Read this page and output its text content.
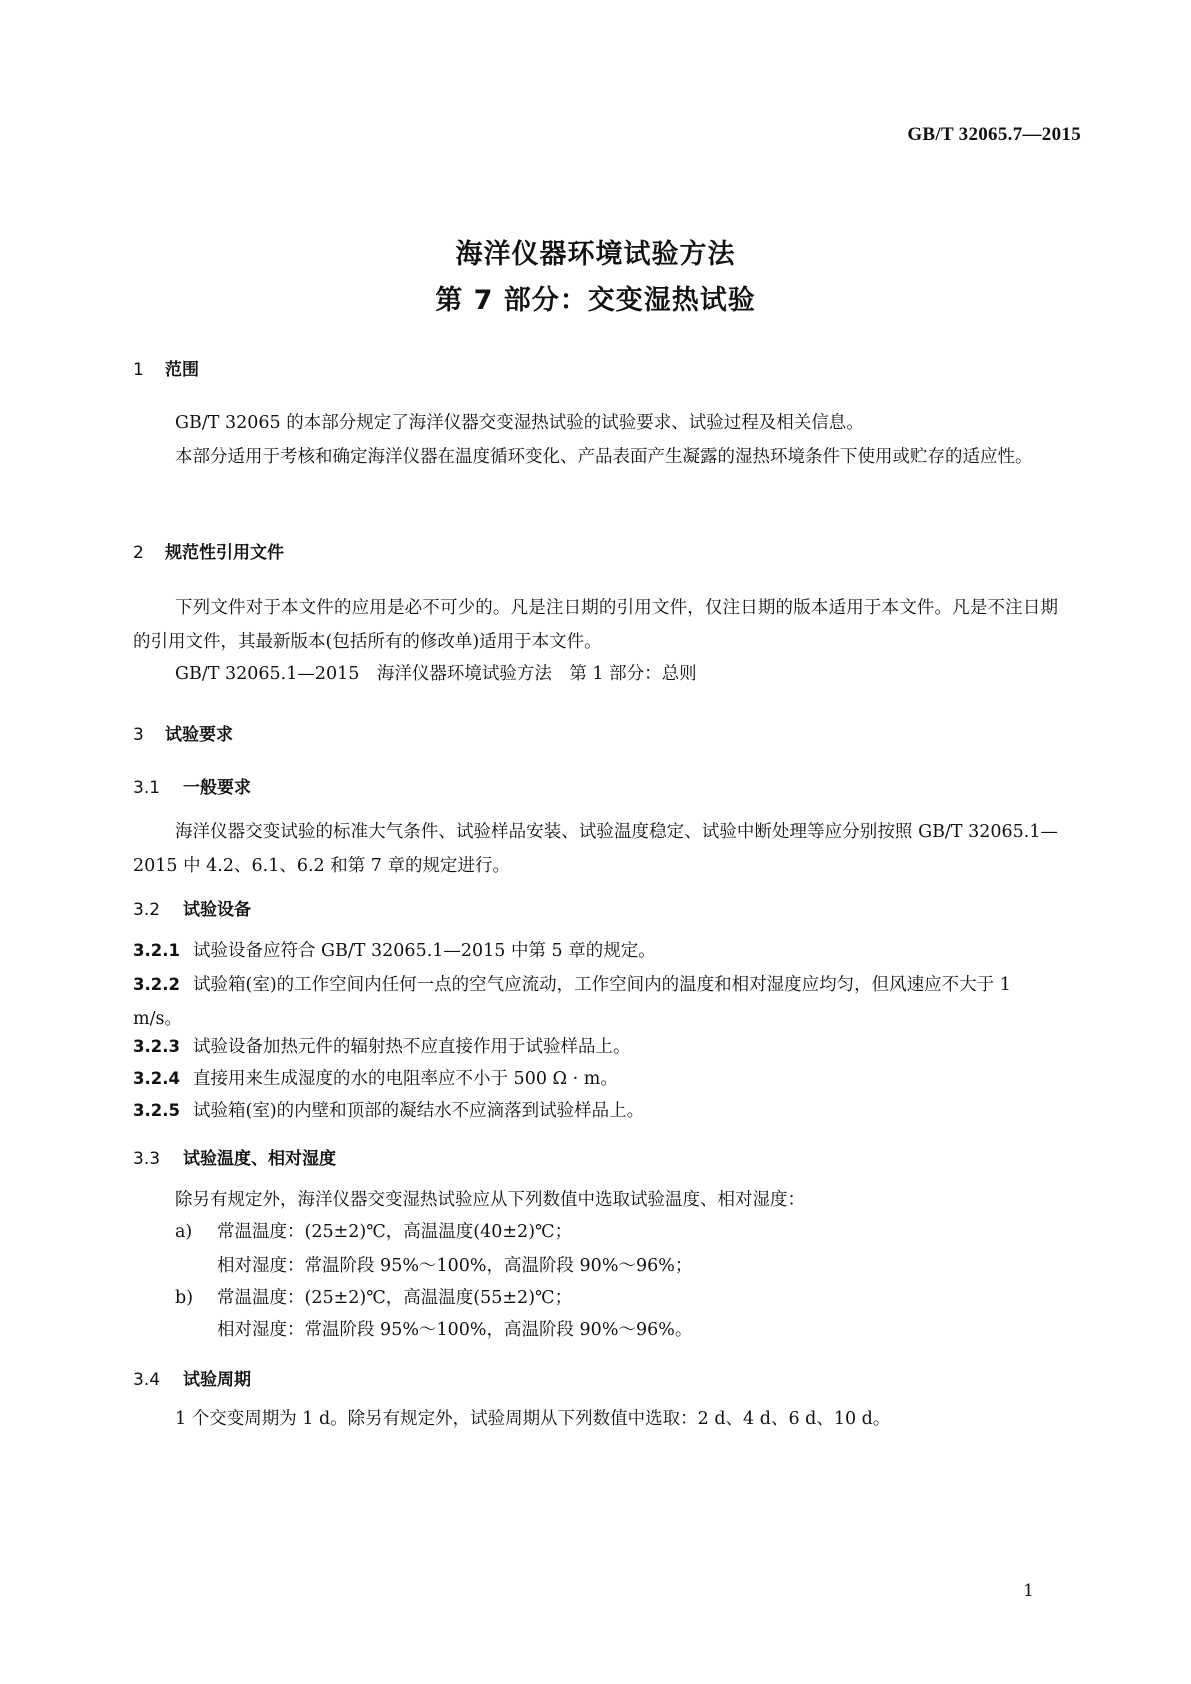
GB/T 32065.7—2015
海洋仪器环境试验方法
第 7 部分：交变湿热试验
1 范围
GB/T 32065 的本部分规定了海洋仪器交变湿热试验的试验要求、试验过程及相关信息。
本部分适用于考核和确定海洋仪器在温度循环变化、产品表面产生凝露的湿热环境条件下使用或贮存的适应性。
2 规范性引用文件
下列文件对于本文件的应用是必不可少的。凡是注日期的引用文件，仅注日期的版本适用于本文件。凡是不注日期的引用文件，其最新版本(包括所有的修改单)适用于本文件。
GB/T 32065.1—2015　海洋仪器环境试验方法　第 1 部分：总则
3 试验要求
3.1 一般要求
海洋仪器交变试验的标准大气条件、试验样品安装、试验温度稳定、试验中断处理等应分别按照 GB/T 32065.1—2015 中 4.2、6.1、6.2 和第 7 章的规定进行。
3.2 试验设备
3.2.1 试验设备应符合 GB/T 32065.1—2015 中第 5 章的规定。
3.2.2 试验箱(室)的工作空间内任何一点的空气应流动，工作空间内的温度和相对湿度应均匀，但风速应不大于 1 m/s。
3.2.3 试验设备加热元件的辐射热不应直接作用于试验样品上。
3.2.4 直接用来生成湿度的水的电阻率应不小于 500 Ω · m。
3.2.5 试验箱(室)的内壁和顶部的凝结水不应滴落到试验样品上。
3.3 试验温度、相对湿度
除另有规定外，海洋仪器交变湿热试验应从下列数值中选取试验温度、相对湿度：
a) 常温温度：(25±2)℃，高温温度(40±2)℃；
相对湿度：常温阶段 95%～100%，高温阶段 90%～96%；
b) 常温温度：(25±2)℃，高温温度(55±2)℃；
相对湿度：常温阶段 95%～100%，高温阶段 90%～96%。
3.4 试验周期
1 个交变周期为 1 d。除另有规定外，试验周期从下列数值中选取：2 d、4 d、6 d、10 d。
1
